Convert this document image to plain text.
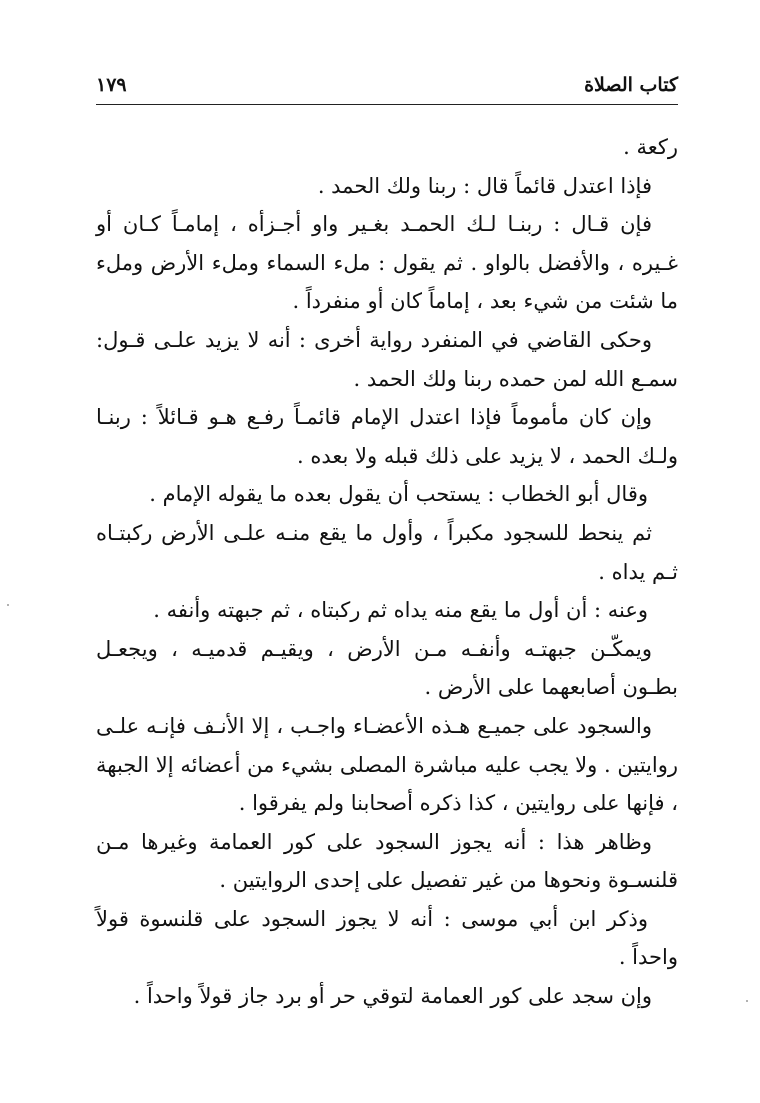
كتاب الصلاة
١٧٩

ركعة .

فإذا اعتدل قائماً قال : ربنا ولك الحمد .

فإن قـال : ربنـا لـك الحمـد بغـير واو أجـزأه ، إمامـاً كـان أو غـيره ، والأفضل بالواو . ثم يقول : ملء السماء وملء الأرض وملء ما شئت من شيء بعد ، إماماً كان أو منفرداً .

وحكى القاضي في المنفرد رواية أخرى : أنه لا يزيد علـى قـول: سمـع الله لمن حمده ربنا ولك الحمد .

وإن كان مأموماً فإذا اعتدل الإمام قائمـاً رفـع هـو قـائلاً : ربنـا ولـك الحمد ، لا يزيد على ذلك قبله ولا بعده .

وقال أبو الخطاب : يستحب أن يقول بعده ما يقوله الإمام .

ثم ينحط للسجود مكبراً ، وأول ما يقع منـه علـى الأرض ركبتـاه ثـم يداه .

وعنه : أن أول ما يقع منه يداه ثم ركبتاه ، ثم جبهته وأنفه .

ويمكّـن جبهتـه وأنفـه مـن الأرض ، ويقيـم قدميـه ، ويجعـل بطـون أصابعهما على الأرض .

والسجود على جميـع هـذه الأعضـاء واجـب ، إلا الأنـف فإنـه علـى روايتين . ولا يجب عليه مباشرة المصلى بشيء من أعضائه إلا الجبهة ، فإنها على روايتين ، كذا ذكره أصحابنا ولم يفرقوا .

وظاهر هذا : أنه يجوز السجود على كور العمامة وغيرها مـن قلنسـوة ونحوها من غير تفصيل على إحدى الروايتين .

وذكر ابن أبي موسى : أنه لا يجوز السجود على قلنسوة قولاً واحداً .

وإن سجد على كور العمامة لتوقي حر أو برد جاز قولاً واحداً .
